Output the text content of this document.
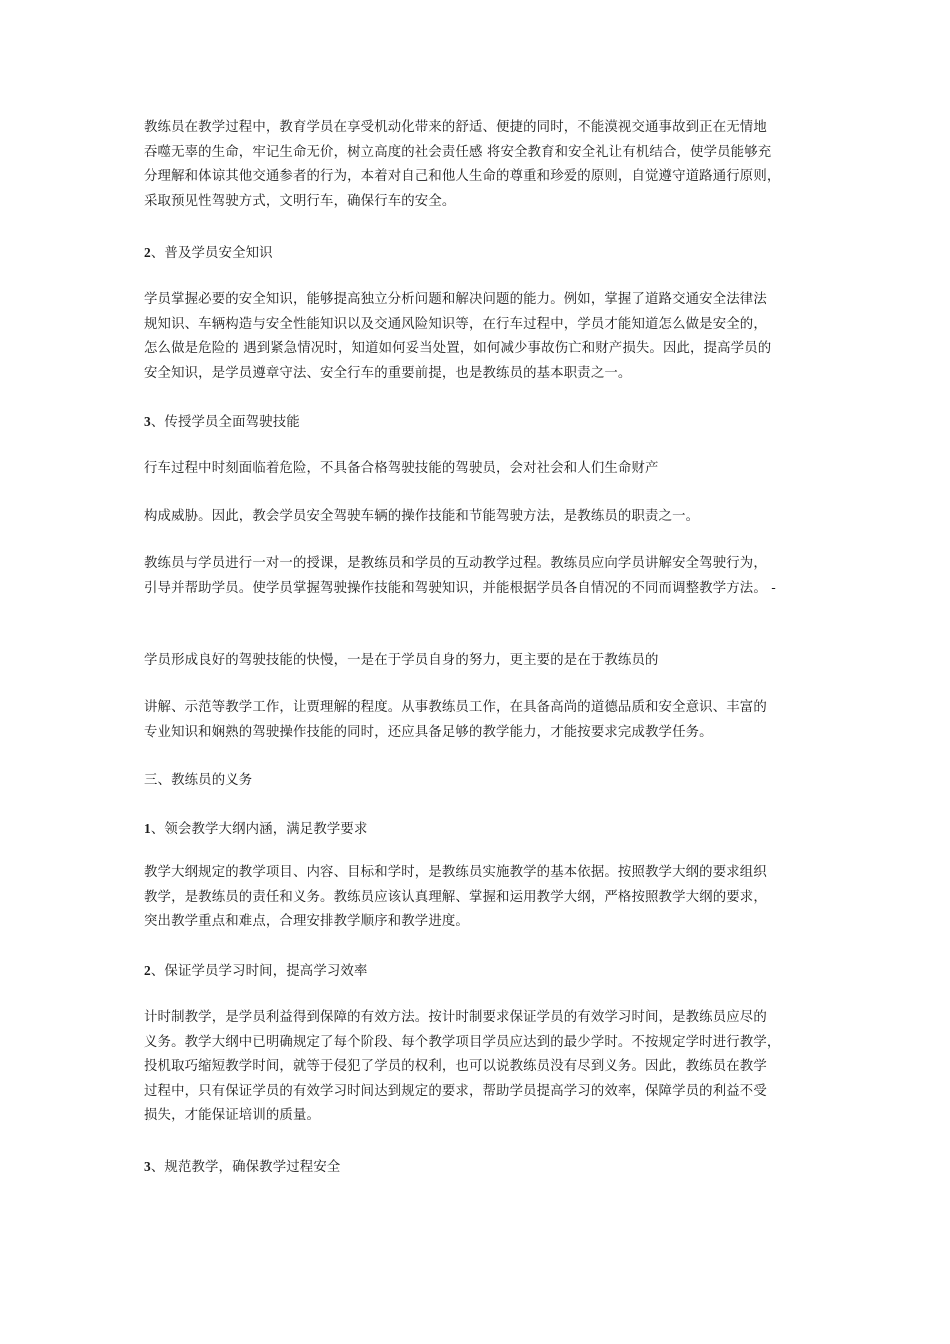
教练员在教学过程中，教育学员在享受机动化带来的舒适、便捷的同时，不能漠视交通事故到正在无情地
吞噬无辜的生命，牢记生命无价，树立高度的社会责任感 将安全教育和安全礼让有机结合，使学员能够充
分理解和体谅其他交通参者的行为，本着对自己和他人生命的尊重和珍爱的原则，自觉遵守道路通行原则，
采取预见性驾驶方式，文明行车，确保行车的安全。

2、普及学员安全知识

学员掌握必要的安全知识，能够提高独立分析问题和解决问题的能力。例如，掌握了道路交通安全法律法
规知识、车辆构造与安全性能知识以及交通风险知识等，在行车过程中，学员才能知道怎么做是安全的，
怎么做是危险的 遇到紧急情况时，知道如何妥当处置，如何减少事故伤亡和财产损失。因此，提高学员的
安全知识，是学员遵章守法、安全行车的重要前提，也是教练员的基本职责之一。

3、传授学员全面驾驶技能

行车过程中时刻面临着危险，不具备合格驾驶技能的驾驶员，会对社会和人们生命财产

构成威胁。因此，教会学员安全驾驶车辆的操作技能和节能驾驶方法，是教练员的职责之一。

教练员与学员进行一对一的授课，是教练员和学员的互动教学过程。教练员应向学员讲解安全驾驶行为，
引导并帮助学员。使学员掌握驾驶操作技能和驾驶知识，并能根据学员各自情况的不同而调整教学方法。 -

学员形成良好的驾驶技能的快慢，一是在于学员自身的努力，更主要的是在于教练员的

讲解、示范等教学工作，让贾理解的程度。从事教练员工作，在具备高尚的道德品质和安全意识、丰富的
专业知识和娴熟的驾驶操作技能的同时，还应具备足够的教学能力，才能按要求完成教学任务。

三、教练员的义务

1、领会教学大纲内涵，满足教学要求

教学大纲规定的教学项目、内容、目标和学时，是教练员实施教学的基本依据。按照教学大纲的要求组织
教学，是教练员的责任和义务。教练员应该认真理解、掌握和运用教学大纲，严格按照教学大纲的要求，
突出教学重点和难点，合理安排教学顺序和教学进度。

2、保证学员学习时间，提高学习效率

计时制教学，是学员利益得到保障的有效方法。按计时制要求保证学员的有效学习时间，是教练员应尽的
义务。教学大纲中已明确规定了每个阶段、每个教学项目学员应达到的最少学时。不按规定学时进行教学，
投机取巧缩短教学时间，就等于侵犯了学员的权利，也可以说教练员没有尽到义务。因此，教练员在教学
过程中，只有保证学员的有效学习时间达到规定的要求，帮助学员提高学习的效率，保障学员的利益不受
损失，才能保证培训的质量。

3、规范教学，确保教学过程安全
